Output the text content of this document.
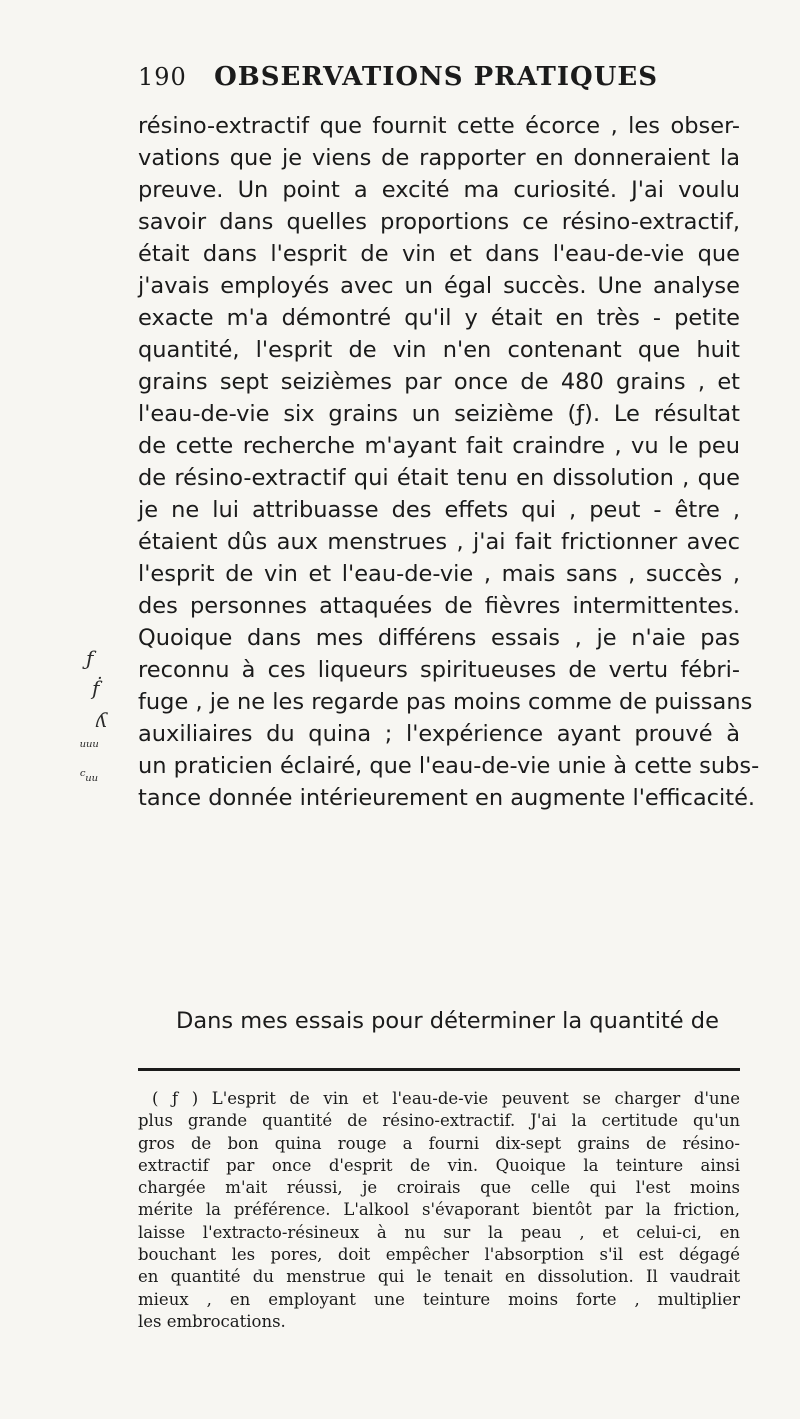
190 OBSERVATIONS PRATIQUES
résino-extractif que fournit cette écorce , les obser-
vations que je viens de rapporter en donneraient la
preuve. Un point a excité ma curiosité. J'ai voulu
savoir dans quelles proportions ce résino-extractif,
était dans l'esprit de vin et dans l'eau-de-vie que
j'avais employés avec un égal succès. Une analyse
exacte m'a démontré qu'il y était en très - petite
quantité, l'esprit de vin n'en contenant que huit
grains sept seizièmes par once de 480 grains , et
l'eau-de-vie six grains un seizième (ƒ). Le résultat
de cette recherche m'ayant fait craindre , vu le peu
de résino-extractif qui était tenu en dissolution , que
je ne lui attribuasse des effets qui , peut - être ,
étaient dûs aux menstrues , j'ai fait frictionner avec
l'esprit de vin et l'eau-de-vie , mais sans , succès ,
des personnes attaquées de fièvres intermittentes.
Quoique dans mes différens essais , je n'aie pas
reconnu à ces liqueurs spiritueuses de vertu fébri-
fuge , je ne les regarde pas moins comme de puissans
auxiliaires du quina ; l'expérience ayant prouvé à
un praticien éclairé, que l'eau-de-vie unie à cette subs-
tance donnée intérieurement en augmente l'efficacité.
ƒ
ḟ
ʎ
ᵤᵤᵤ
ᶜᵤᵤ
Dans mes essais pour déterminer la quantité de
( ƒ ) L'esprit de vin et l'eau-de-vie peuvent se charger d'une
plus grande quantité de résino-extractif. J'ai la certitude qu'un
gros de bon quina rouge a fourni dix-sept grains de résino-
extractif par once d'esprit de vin. Quoique la teinture ainsi
chargée m'ait réussi, je croirais que celle qui l'est moins
mérite la préférence. L'alkool s'évaporant bientôt par la friction,
laisse l'extracto-résineux à nu sur la peau , et celui-ci, en
bouchant les pores, doit empêcher l'absorption s'il est dégagé
en quantité du menstrue qui le tenait en dissolution. Il vaudrait
mieux , en employant une teinture moins forte , multiplier
les embrocations.
